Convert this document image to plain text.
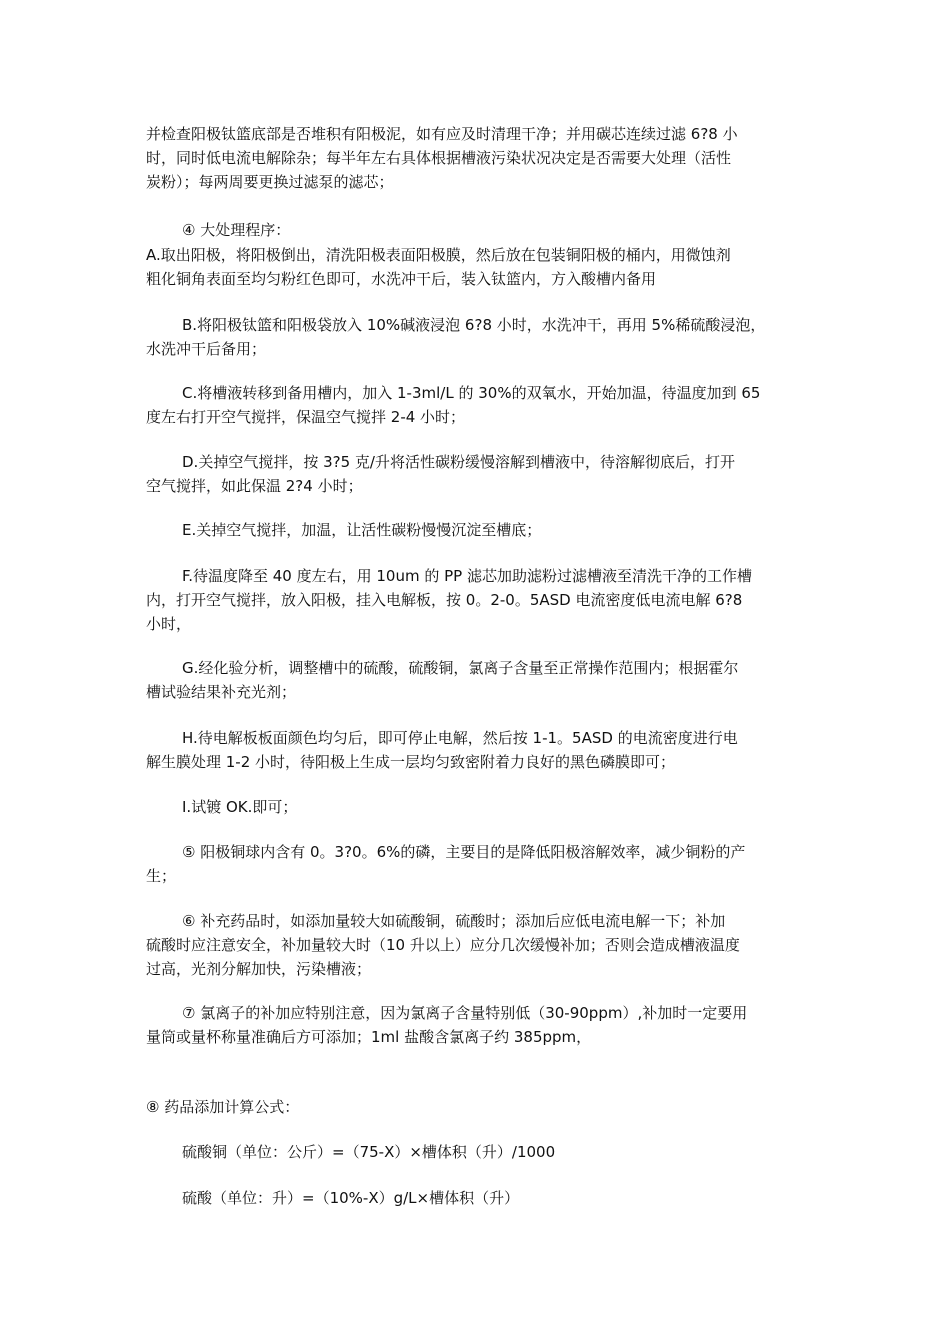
并检查阳极钛篮底部是否堆积有阳极泥，如有应及时清理干净；并用碳芯连续过滤 6?8 小
时，同时低电流电解除杂；每半年左右具体根据槽液污染状况决定是否需要大处理（活性
炭粉）；每两周要更换过滤泵的滤芯；

④ 大处理程序：

A.取出阳极，将阳极倒出，清洗阳极表面阳极膜，然后放在包装铜阳极的桶内，用微蚀剂
粗化铜角表面至均匀粉红色即可，水洗冲干后，装入钛篮内，方入酸槽内备用

B.将阳极钛篮和阳极袋放入 10%碱液浸泡 6?8 小时，水洗冲干，再用 5%稀硫酸浸泡，
水洗冲干后备用；

C.将槽液转移到备用槽内，加入 1-3ml/L 的 30%的双氧水，开始加温，待温度加到 65
度左右打开空气搅拌，保温空气搅拌 2-4 小时；

D.关掉空气搅拌，按 3?5 克/升将活性碳粉缓慢溶解到槽液中，待溶解彻底后，打开
空气搅拌，如此保温 2?4 小时；

E.关掉空气搅拌，加温，让活性碳粉慢慢沉淀至槽底；

F.待温度降至 40 度左右，用 10um 的 PP 滤芯加助滤粉过滤槽液至清洗干净的工作槽
内，打开空气搅拌，放入阳极，挂入电解板，按 0。2-0。5ASD 电流密度低电流电解 6?8
小时，

G.经化验分析，调整槽中的硫酸，硫酸铜，氯离子含量至正常操作范围内；根据霍尔
槽试验结果补充光剂；

H.待电解板板面颜色均匀后，即可停止电解，然后按 1-1。5ASD 的电流密度进行电
解生膜处理 1-2 小时，待阳极上生成一层均匀致密附着力良好的黑色磷膜即可；

I.试镀 OK.即可；

⑤ 阳极铜球内含有 0。3?0。6%的磷，主要目的是降低阳极溶解效率，减少铜粉的产
生；

⑥ 补充药品时，如添加量较大如硫酸铜，硫酸时；添加后应低电流电解一下；补加
硫酸时应注意安全，补加量较大时（10 升以上）应分几次缓慢补加；否则会造成槽液温度
过高，光剂分解加快，污染槽液；

⑦ 氯离子的补加应特别注意，因为氯离子含量特别低（30-90ppm）,补加时一定要用
量筒或量杯称量准确后方可添加；1ml 盐酸含氯离子约 385ppm，

⑧ 药品添加计算公式：

硫酸铜（单位：公斤）=（75-X）×槽体积（升）/1000

硫酸（单位：升）=（10%-X）g/L×槽体积（升）
